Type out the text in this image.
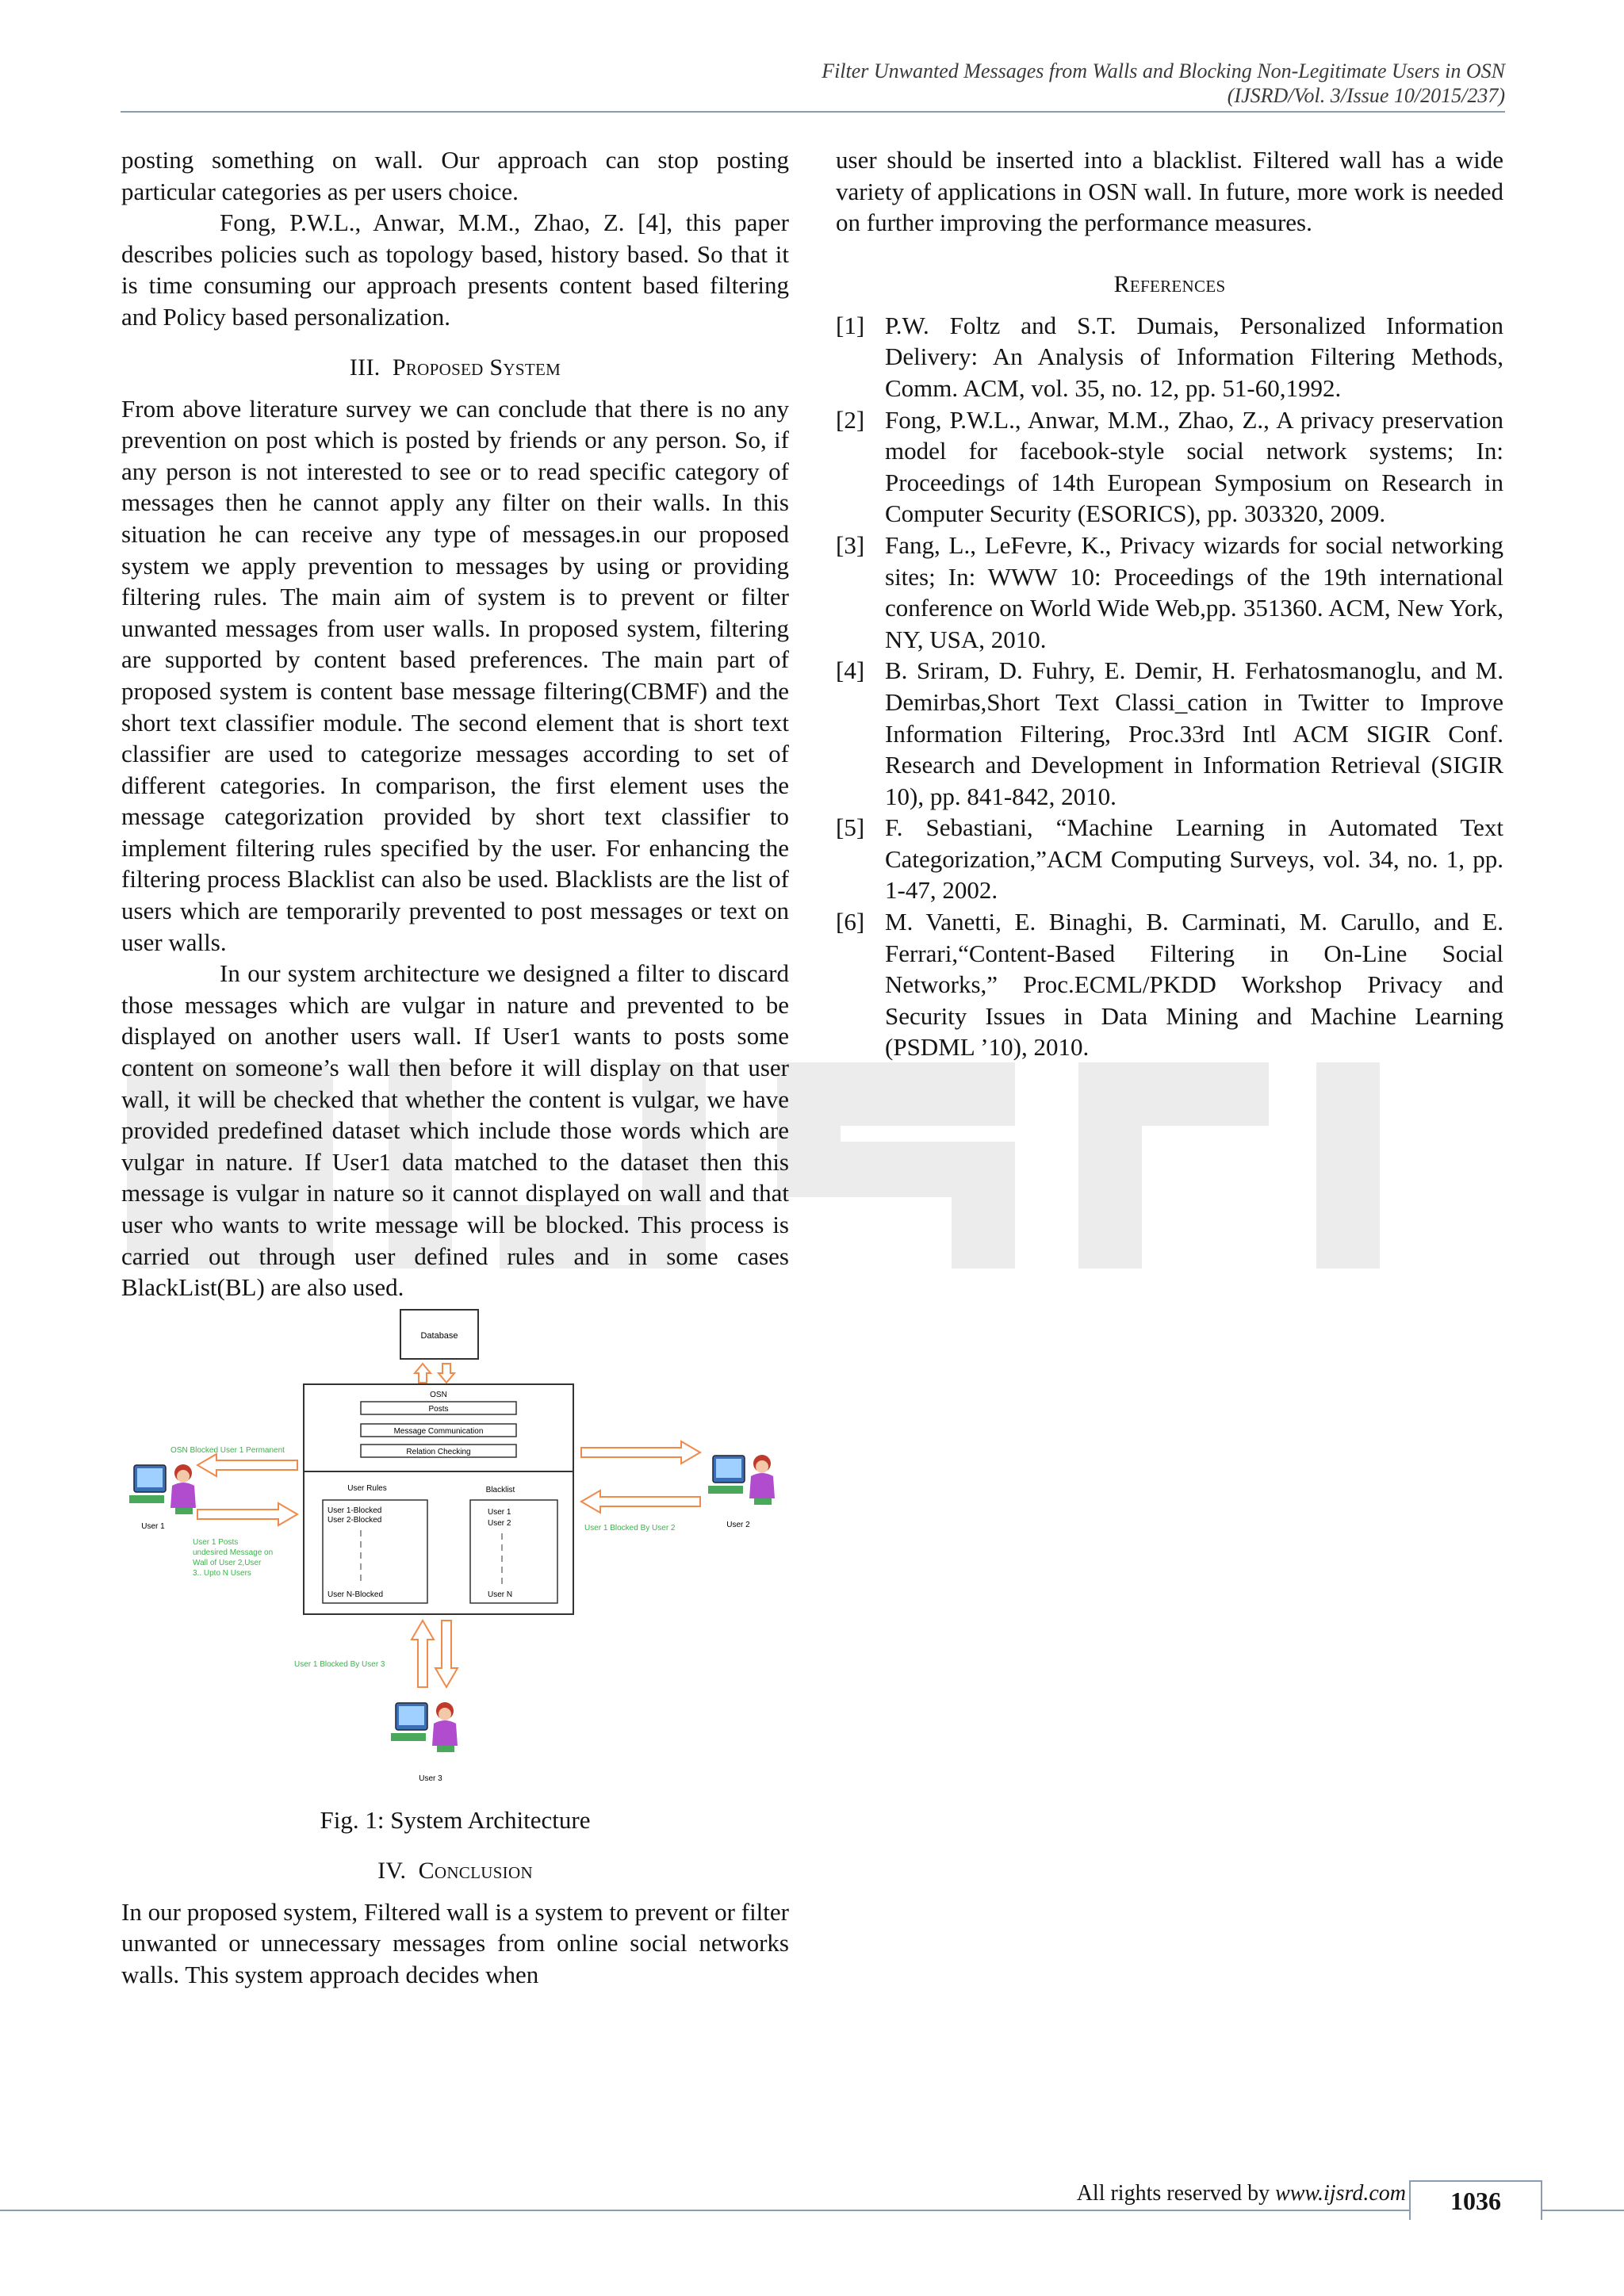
Filter Unwanted Messages from Walls and Blocking Non-Legitimate Users in OSN
(IJSRD/Vol. 3/Issue 10/2015/237)

posting something on wall. Our approach can stop posting particular categories as per users choice.

Fong, P.W.L., Anwar, M.M., Zhao, Z. [4], this paper describes policies such as topology based, history based. So that it is time consuming our approach presents content based filtering and Policy based personalization.

III. Proposed System

From above literature survey we can conclude that there is no any prevention on post which is posted by friends or any person. So, if any person is not interested to see or to read specific category of messages then he cannot apply any filter on their walls. In this situation he can receive any type of messages.in our proposed system we apply prevention to messages by using or providing filtering rules. The main aim of system is to prevent or filter unwanted messages from user walls. In proposed system, filtering are supported by content based preferences. The main part of proposed system is content base message filtering(CBMF) and the short text classifier module. The second element that is short text classifier are used to categorize messages according to set of different categories. In comparison, the first element uses the message categorization provided by short text classifier to implement filtering rules specified by the user. For enhancing the filtering process Blacklist can also be used. Blacklists are the list of users which are temporarily prevented to post messages or text on user walls.

In our system architecture we designed a filter to discard those messages which are vulgar in nature and prevented to be displayed on another users wall. If User1 wants to posts some content on someone’s wall then before it will display on that user wall, it will be checked that whether the content is vulgar, we have provided predefined dataset which include those words which are vulgar in nature. If User1 data matched to the dataset then this message is vulgar in nature so it cannot displayed on wall and that user who wants to write message will be blocked. This process is carried out through user defined rules and in some cases BlackList(BL) are also used.

Database
OSN
Posts
Message Communication
Relation Checking
User Rules
User 1-Blocked
User 2-Blocked
User N-Blocked
Blacklist
User 1
User 2
User N
OSN Blocked User 1 Permanent
User 1 Posts
undesired Message on
Wall of User 2,User
3.. Upto N Users
User 1 Blocked By User 2
User 1 Blocked By User 3
User 1	User 2
User 3
Fig. 1: System Architecture
IV. Conclusion

In our proposed system, Filtered wall is a system to prevent or filter unwanted or unnecessary messages from online social networks walls. This system approach decides when

user should be inserted into a blacklist. Filtered wall has a wide variety of applications in OSN wall. In future, more work is needed on further improving the performance measures.

References
[1] P.W. Foltz and S.T. Dumais, Personalized Information Delivery: An Analysis of Information Filtering Methods, Comm. ACM, vol. 35, no. 12, pp. 51-60,1992.
[2] Fong, P.W.L., Anwar, M.M., Zhao, Z., A privacy preservation model for facebook-style social network systems; In: Proceedings of 14th European Symposium on Research in Computer Security (ESORICS), pp. 303320, 2009.
[3] Fang, L., LeFevre, K., Privacy wizards for social networking sites; In: WWW 10: Proceedings of the 19th international conference on World Wide Web,pp. 351360. ACM, New York, NY, USA, 2010.
[4] B. Sriram, D. Fuhry, E. Demir, H. Ferhatosmanoglu, and M. Demirbas,Short Text Classi_cation in Twitter to Improve Information Filtering, Proc.33rd Intl ACM SIGIR Conf. Research and Development in Information Retrieval (SIGIR 10), pp. 841-842, 2010.
[5] F. Sebastiani, “Machine Learning in Automated Text Categorization,”ACM Computing Surveys, vol. 34, no. 1, pp. 1-47, 2002.
[6] M. Vanetti, E. Binaghi, B. Carminati, M. Carullo, and E. Ferrari,“Content-Based Filtering in On-Line Social Networks,” Proc.ECML/PKDD Workshop Privacy and Security Issues in Data Mining and Machine Learning (PSDML ’10), 2010.
All rights reserved by www.ijsrd.com	1036
